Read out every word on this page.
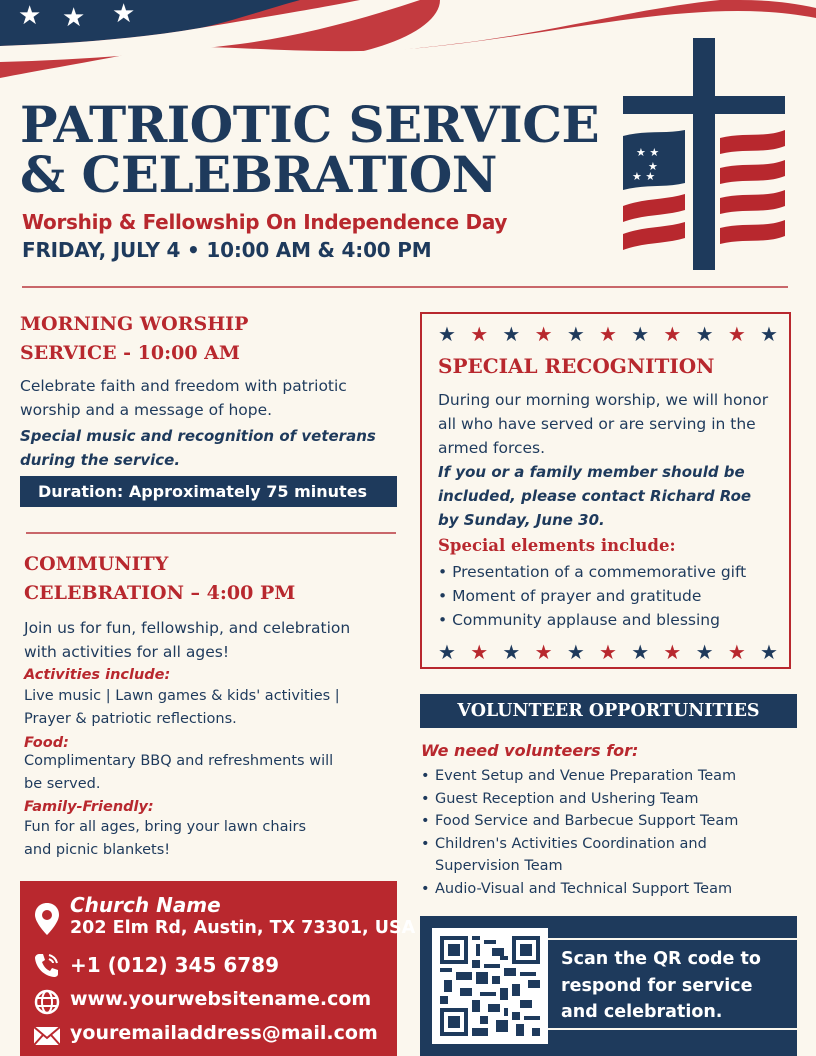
★ ★ ★
PATRIOTIC SERVICE & CELEBRATION
Worship & Fellowship On Independence Day
FRIDAY, JULY 4 • 10:00 AM & 4:00 PM
★ ★
★
★ ★
MORNING WORSHIP
SERVICE - 10:00 AM
Celebrate faith and freedom with patriotic worship and a message of hope.
Special music and recognition of veterans during the service.
Duration: Approximately 75 minutes
COMMUNITY
CELEBRATION – 4:00 PM
Join us for fun, fellowship, and celebration with activities for all ages!
Activities include:
Live music | Lawn games & kids' activities | Prayer & patriotic reflections.
Food:
Complimentary BBQ and refreshments will be served.
Family-Friendly:
Fun for all ages, bring your lawn chairs and picnic blankets!
★ ★ ★ ★ ★ ★ ★ ★ ★ ★ ★
SPECIAL RECOGNITION
During our morning worship, we will honor all who have served or are serving in the armed forces.
If you or a family member should be included, please contact Richard Roe by Sunday, June 30.
Special elements include:
• Presentation of a commemorative gift
• Moment of prayer and gratitude
• Community applause and blessing
★ ★ ★ ★ ★ ★ ★ ★ ★ ★ ★
VOLUNTEER OPPORTUNITIES
We need volunteers for:
• Event Setup and Venue Preparation Team
• Guest Reception and Ushering Team
• Food Service and Barbecue Support Team
• Children's Activities Coordination and Supervision Team
• Audio-Visual and Technical Support Team
Church Name
202 Elm Rd, Austin, TX 73301, USA
+1 (012) 345 6789
www.yourwebsitename.com
youremailaddress@mail.com
Scan the QR code to respond for service and celebration.
